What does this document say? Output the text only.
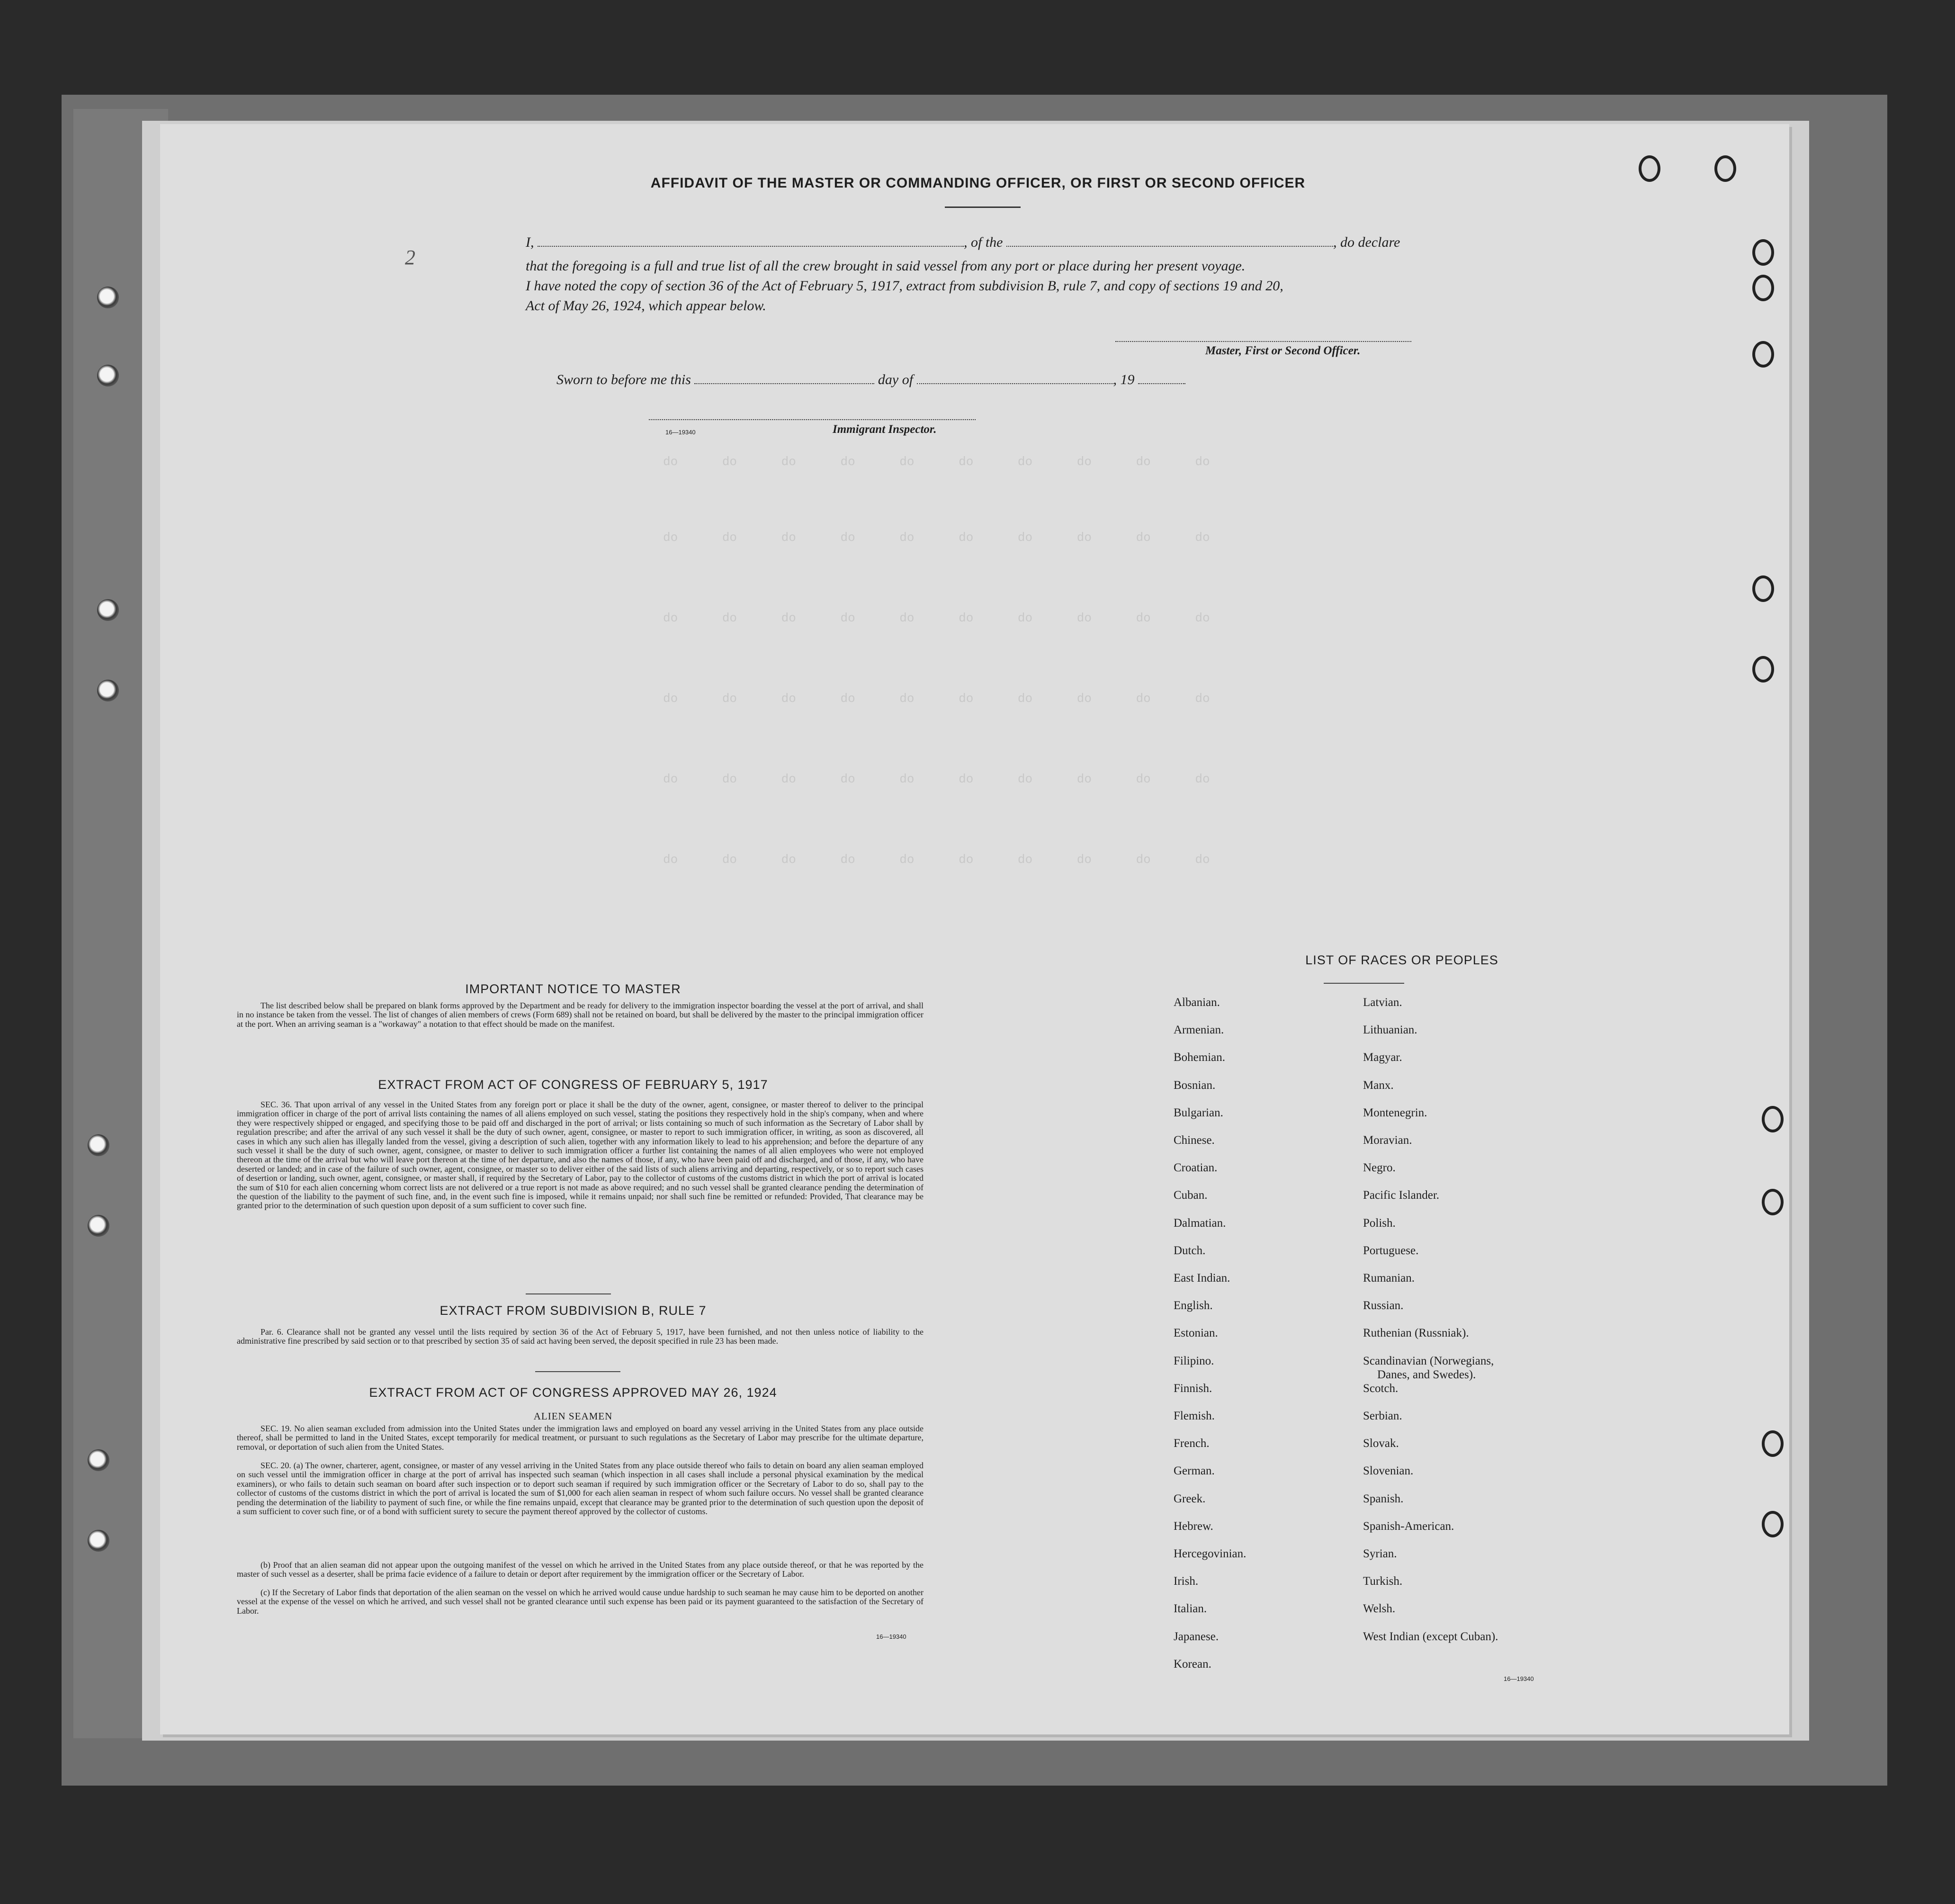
do      do      do      do      do      do      do      do      do      do
do      do      do      do      do      do      do      do      do      do
do      do      do      do      do      do      do      do      do      do
do      do      do      do      do      do      do      do      do      do
do      do      do      do      do      do      do      do      do      do
do      do      do      do      do      do      do      do      do      do
AFFIDAVIT OF THE MASTER OR COMMANDING OFFICER, OR FIRST OR SECOND OFFICER
2
I,	, of the	, do declare
that the foregoing is a full and true list of all the crew brought in said vessel from any port or place during her present voyage.
I have noted the copy of section 36 of the Act of February 5, 1917, extract from subdivision B, rule 7, and copy of sections 19 and 20,
Act of May 26, 1924, which appear below.
Master, First or Second Officer.
Sworn to before me this	day of	, 19
16—19340	Immigrant Inspector.
IMPORTANT NOTICE TO MASTER
The list described below shall be prepared on blank forms approved by the Department and be ready for delivery to the immigration inspector boarding the vessel at the port of arrival, and shall in no instance be taken from the vessel. The list of changes of alien members of crews (Form 689) shall not be retained on board, but shall be delivered by the master to the principal immigration officer at the port. When an arriving seaman is a "workaway" a notation to that effect should be made on the manifest.
EXTRACT FROM ACT OF CONGRESS OF FEBRUARY 5, 1917
SEC. 36. That upon arrival of any vessel in the United States from any foreign port or place it shall be the duty of the owner, agent, consignee, or master thereof to deliver to the principal immigration officer in charge of the port of arrival lists containing the names of all aliens employed on such vessel, stating the positions they respectively hold in the ship's company, when and where they were respectively shipped or engaged, and specifying those to be paid off and discharged in the port of arrival; or lists containing so much of such information as the Secretary of Labor shall by regulation prescribe; and after the arrival of any such vessel it shall be the duty of such owner, agent, consignee, or master to report to such immigration officer, in writing, as soon as discovered, all cases in which any such alien has illegally landed from the vessel, giving a description of such alien, together with any information likely to lead to his apprehension; and before the departure of any such vessel it shall be the duty of such owner, agent, consignee, or master to deliver to such immigration officer a further list containing the names of all alien employees who were not employed thereon at the time of the arrival but who will leave port thereon at the time of her departure, and also the names of those, if any, who have been paid off and discharged, and of those, if any, who have deserted or landed; and in case of the failure of such owner, agent, consignee, or master so to deliver either of the said lists of such aliens arriving and departing, respectively, or so to report such cases of desertion or landing, such owner, agent, consignee, or master shall, if required by the Secretary of Labor, pay to the collector of customs of the customs district in which the port of arrival is located the sum of $10 for each alien concerning whom correct lists are not delivered or a true report is not made as above required; and no such vessel shall be granted clearance pending the determination of the question of the liability to the payment of such fine, and, in the event such fine is imposed, while it remains unpaid; nor shall such fine be remitted or refunded: Provided, That clearance may be granted prior to the determination of such question upon deposit of a sum sufficient to cover such fine.
EXTRACT FROM SUBDIVISION B, RULE 7
Par. 6. Clearance shall not be granted any vessel until the lists required by section 36 of the Act of February 5, 1917, have been furnished, and not then unless notice of liability to the administrative fine prescribed by said section or to that prescribed by section 35 of said act having been served, the deposit specified in rule 23 has been made.
EXTRACT FROM ACT OF CONGRESS APPROVED MAY 26, 1924
ALIEN SEAMEN
SEC. 19. No alien seaman excluded from admission into the United States under the immigration laws and employed on board any vessel arriving in the United States from any place outside thereof, shall be permitted to land in the United States, except temporarily for medical treatment, or pursuant to such regulations as the Secretary of Labor may prescribe for the ultimate departure, removal, or deportation of such alien from the United States.
SEC. 20. (a) The owner, charterer, agent, consignee, or master of any vessel arriving in the United States from any place outside thereof who fails to detain on board any alien seaman employed on such vessel until the immigration officer in charge at the port of arrival has inspected such seaman (which inspection in all cases shall include a personal physical examination by the medical examiners), or who fails to detain such seaman on board after such inspection or to deport such seaman if required by such immigration officer or the Secretary of Labor to do so, shall pay to the collector of customs of the customs district in which the port of arrival is located the sum of $1,000 for each alien seaman in respect of whom such failure occurs. No vessel shall be granted clearance pending the determination of the liability to payment of such fine, or while the fine remains unpaid, except that clearance may be granted prior to the determination of such question upon the deposit of a sum sufficient to cover such fine, or of a bond with sufficient surety to secure the payment thereof approved by the collector of customs.
(b) Proof that an alien seaman did not appear upon the outgoing manifest of the vessel on which he arrived in the United States from any place outside thereof, or that he was reported by the master of such vessel as a deserter, shall be prima facie evidence of a failure to detain or deport after requirement by the immigration officer or the Secretary of Labor.
(c) If the Secretary of Labor finds that deportation of the alien seaman on the vessel on which he arrived would cause undue hardship to such seaman he may cause him to be deported on another vessel at the expense of the vessel on which he arrived, and such vessel shall not be granted clearance until such expense has been paid or its payment guaranteed to the satisfaction of the Secretary of Labor.
16—19340
LIST OF RACES OR PEOPLES
Albanian.
Armenian.
Bohemian.
Bosnian.
Bulgarian.
Chinese.
Croatian.
Cuban.
Dalmatian.
Dutch.
East Indian.
English.
Estonian.
Filipino.
Finnish.
Flemish.
French.
German.
Greek.
Hebrew.
Hercegovinian.
Irish.
Italian.
Japanese.
Korean.
Latvian.
Lithuanian.
Magyar.
Manx.
Montenegrin.
Moravian.
Negro.
Pacific Islander.
Polish.
Portuguese.
Rumanian.
Russian.
Ruthenian (Russniak).
Scandinavian (Norwegians,
Danes, and Swedes).
Scotch.
Serbian.
Slovak.
Slovenian.
Spanish.
Spanish-American.
Syrian.
Turkish.
Welsh.
West Indian (except Cuban).
16—19340
